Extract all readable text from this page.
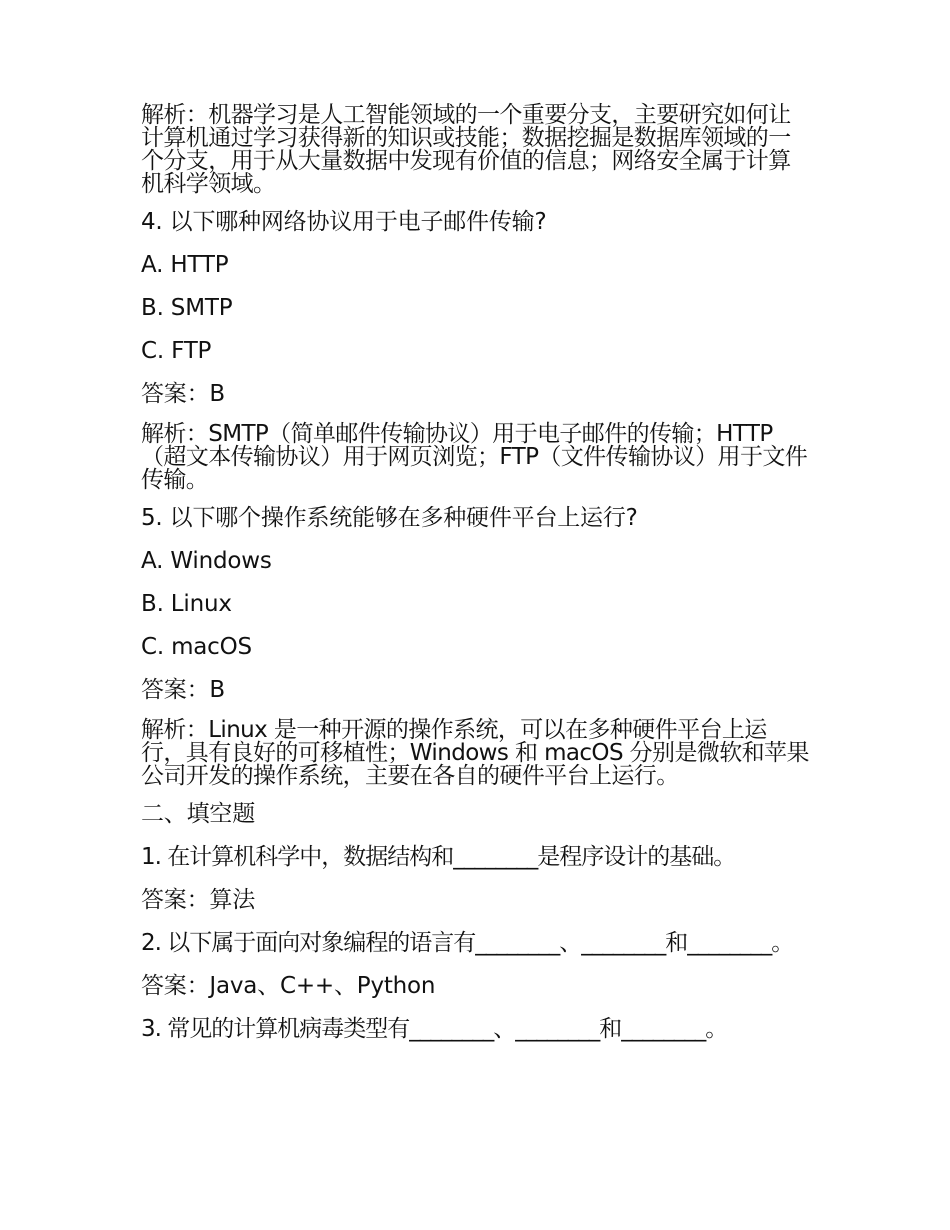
解析：机器学习是人工智能领域的一个重要分支，主要研究如何让计算机通过学习获得新的知识或技能；数据挖掘是数据库领域的一个分支，用于从大量数据中发现有价值的信息；网络安全属于计算机科学领域。

4. 以下哪种网络协议用于电子邮件传输?

A. HTTP

B. SMTP

C. FTP

答案：B

解析：SMTP（简单邮件传输协议）用于电子邮件的传输；HTTP（超文本传输协议）用于网页浏览；FTP（文件传输协议）用于文件传输。

5. 以下哪个操作系统能够在多种硬件平台上运行?

A. Windows

B. Linux

C. macOS

答案：B

解析：Linux 是一种开源的操作系统，可以在多种硬件平台上运行，具有良好的可移植性；Windows 和 macOS 分别是微软和苹果公司开发的操作系统，主要在各自的硬件平台上运行。

二、填空题

1. 在计算机科学中，数据结构和________是程序设计的基础。

答案：算法

2. 以下属于面向对象编程的语言有________、________和________。

答案：Java、C++、Python

3. 常见的计算机病毒类型有________、________和________。
